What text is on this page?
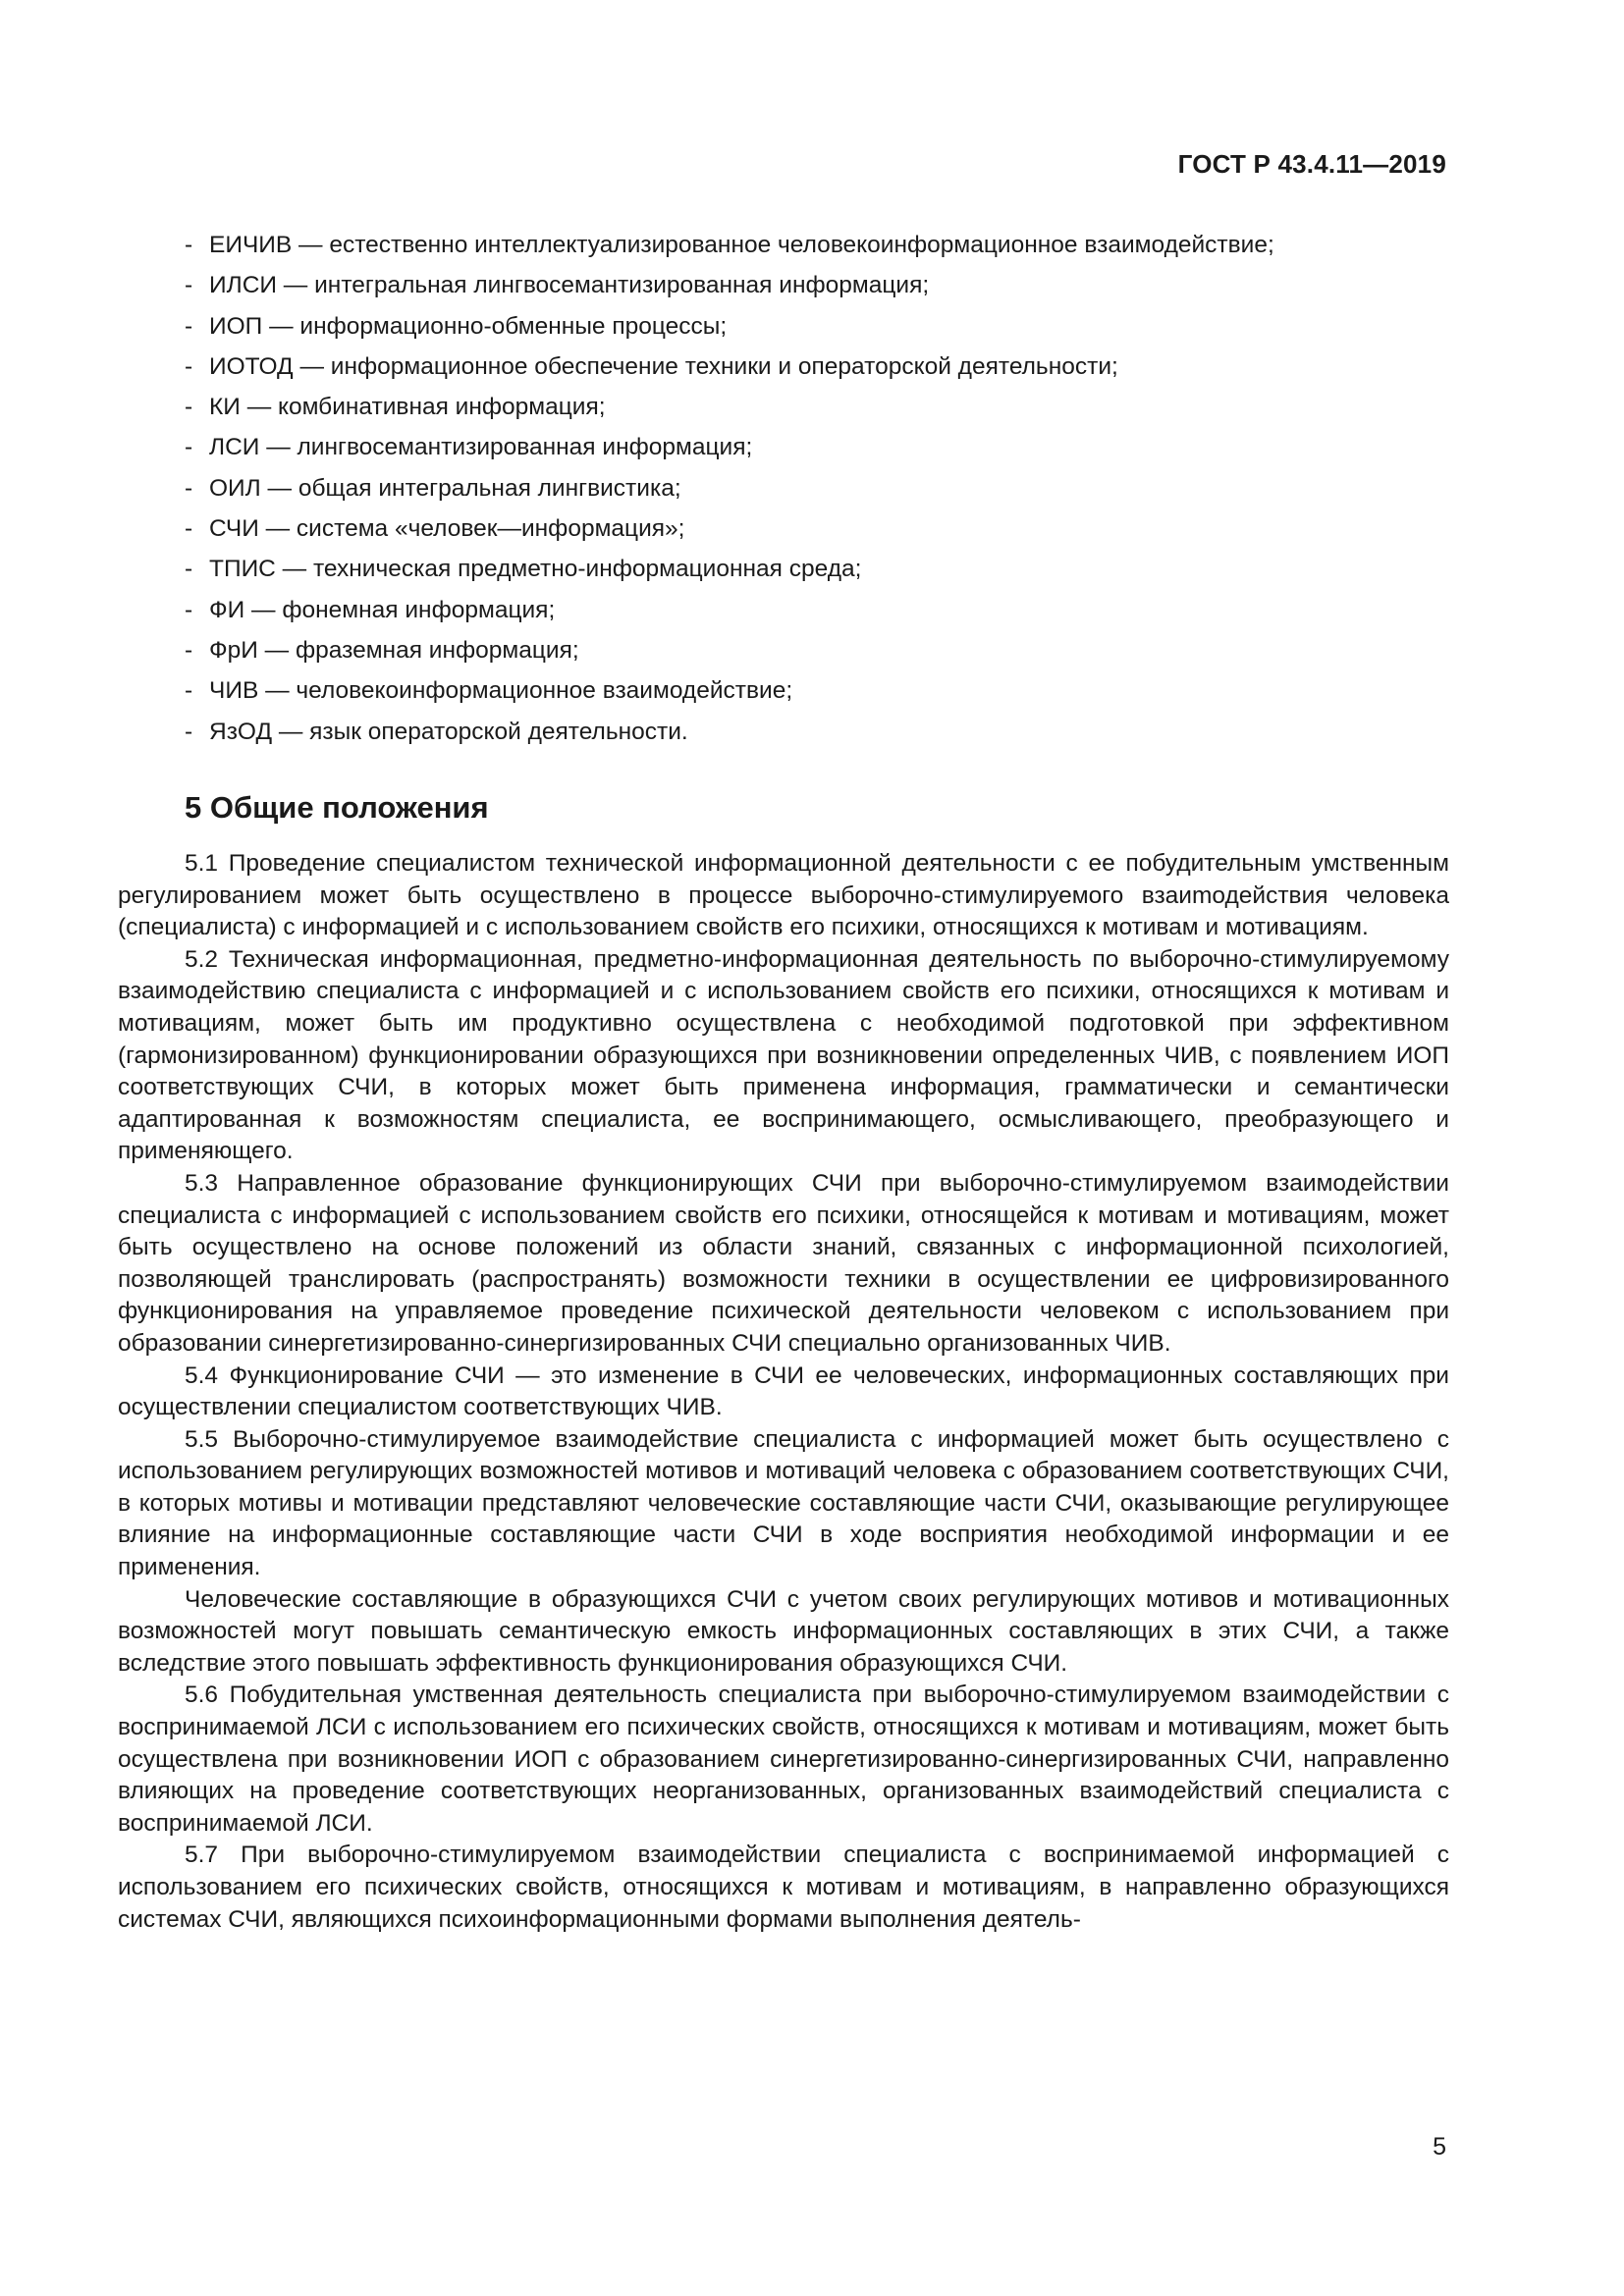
ГОСТ Р 43.4.11—2019
- ЕИЧИВ — естественно интеллектуализированное человекоинформационное взаимодействие;
- ИЛСИ — интегральная лингвосемантизированная информация;
- ИОП — информационно-обменные процессы;
- ИОТОД — информационное обеспечение техники и операторской деятельности;
- КИ — комбинативная информация;
- ЛСИ — лингвосемантизированная информация;
- ОИЛ — общая интегральная лингвистика;
- СЧИ — система «человек—информация»;
- ТПИС — техническая предметно-информационная среда;
- ФИ — фонемная информация;
- ФрИ — фраземная информация;
- ЧИВ — человекоинформационное взаимодействие;
- ЯзОД — язык операторской деятельности.
5 Общие положения

5.1 Проведение специалистом технической информационной деятельности с ее побудительным умственным регулированием может быть осуществлено в процессе выборочно-стимулируемого взаиmодействия человека (специалиста) с информацией и с использованием свойств его психики, относящихся к мотивам и мотивациям.

5.2 Техническая информационная, предметно-информационная деятельность по выборочно-стимулируемому взаимодействию специалиста с информацией и с использованием свойств его психики, относящихся к мотивам и мотивациям, может быть им продуктивно осуществлена с необходимой подготовкой при эффективном (гармонизированном) функционировании образующихся при возникновении определенных ЧИВ, с появлением ИОП соответствующих СЧИ, в которых может быть применена информация, грамматически и семантически адаптированная к возможностям специалиста, ее воспринимающего, осмысливающего, преобразующего и применяющего.

5.3 Направленное образование функционирующих СЧИ при выборочно-стимулируемом взаимодействии специалиста с информацией с использованием свойств его психики, относящейся к мотивам и мотивациям, может быть осуществлено на основе положений из области знаний, связанных с информационной психологией, позволяющей транслировать (распространять) возможности техники в осуществлении ее цифровизированного функционирования на управляемое проведение психической деятельности человеком с использованием при образовании синергетизированно-синергизированных СЧИ специально организованных ЧИВ.

5.4 Функционирование СЧИ — это изменение в СЧИ ее человеческих, информационных составляющих при осуществлении специалистом соответствующих ЧИВ.

5.5 Выборочно-стимулируемое взаимодействие специалиста с информацией может быть осуществлено с использованием регулирующих возможностей мотивов и мотиваций человека с образованием соответствующих СЧИ, в которых мотивы и мотивации представляют человеческие составляющие части СЧИ, оказывающие регулирующее влияние на информационные составляющие части СЧИ в ходе восприятия необходимой информации и ее применения.

Человеческие составляющие в образующихся СЧИ с учетом своих регулирующих мотивов и мотивационных возможностей могут повышать семантическую емкость информационных составляющих в этих СЧИ, а также вследствие этого повышать эффективность функционирования образующихся СЧИ.

5.6 Побудительная умственная деятельность специалиста при выборочно-стимулируемом взаимодействии с воспринимаемой ЛСИ с использованием его психических свойств, относящихся к мотивам и мотивациям, может быть осуществлена при возникновении ИОП с образованием синергетизированно-синергизированных СЧИ, направленно влияющих на проведение соответствующих неорганизованных, организованных взаимодействий специалиста с воспринимаемой ЛСИ.

5.7 При выборочно-стимулируемом взаимодействии специалиста с воспринимаемой информацией с использованием его психических свойств, относящихся к мотивам и мотивациям, в направленно образующихся системах СЧИ, являющихся психоинформационными формами выполнения деятель-

5
